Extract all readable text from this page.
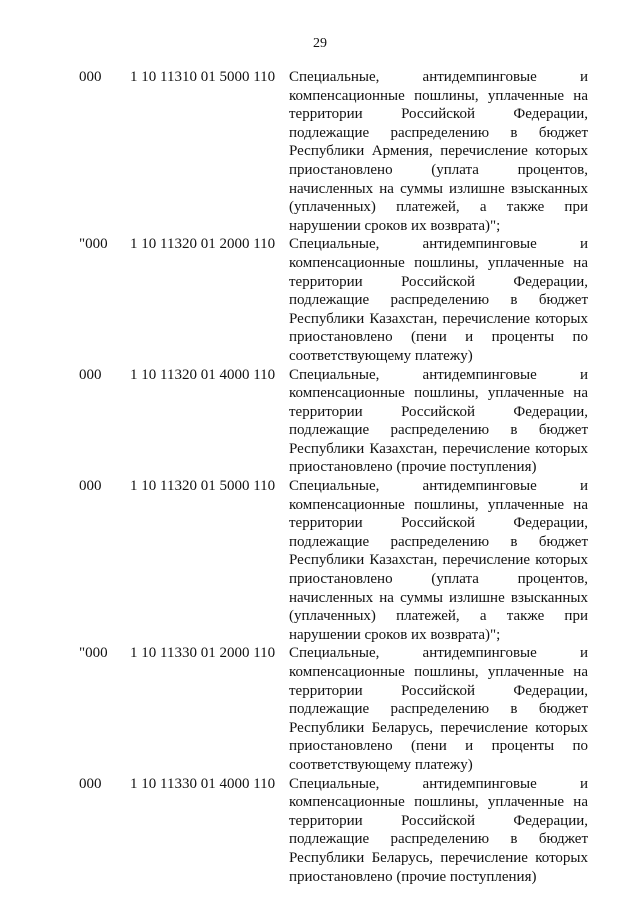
29
000 1 10 11310 01 5000 110 Специальные, антидемпинговые и
компенсационные пошлины, уплаченные на
территории Российской Федерации,
подлежащие распределению в бюджет
Республики Армения, перечисление которых
приостановлено (уплата процентов,
начисленных на суммы излишне взысканных
(уплаченных) платежей, а также при
нарушении сроков их возврата)";
"000 1 10 11320 01 2000 110 Специальные, антидемпинговые и
компенсационные пошлины, уплаченные на
территории Российской Федерации,
подлежащие распределению в бюджет
Республики Казахстан, перечисление которых
приостановлено (пени и проценты по
соответствующему платежу)
000 1 10 11320 01 4000 110 Специальные, антидемпинговые и
компенсационные пошлины, уплаченные на
территории Российской Федерации,
подлежащие распределению в бюджет
Республики Казахстан, перечисление которых
приостановлено (прочие поступления)
000 1 10 11320 01 5000 110 Специальные, антидемпинговые и
компенсационные пошлины, уплаченные на
территории Российской Федерации,
подлежащие распределению в бюджет
Республики Казахстан, перечисление которых
приостановлено (уплата процентов,
начисленных на суммы излишне взысканных
(уплаченных) платежей, а также при
нарушении сроков их возврата)";
"000 1 10 11330 01 2000 110 Специальные, антидемпинговые и
компенсационные пошлины, уплаченные на
территории Российской Федерации,
подлежащие распределению в бюджет
Республики Беларусь, перечисление которых
приостановлено (пени и проценты по
соответствующему платежу)
000 1 10 11330 01 4000 110 Специальные, антидемпинговые и
компенсационные пошлины, уплаченные на
территории Российской Федерации,
подлежащие распределению в бюджет
Республики Беларусь, перечисление которых
приостановлено (прочие поступления)
